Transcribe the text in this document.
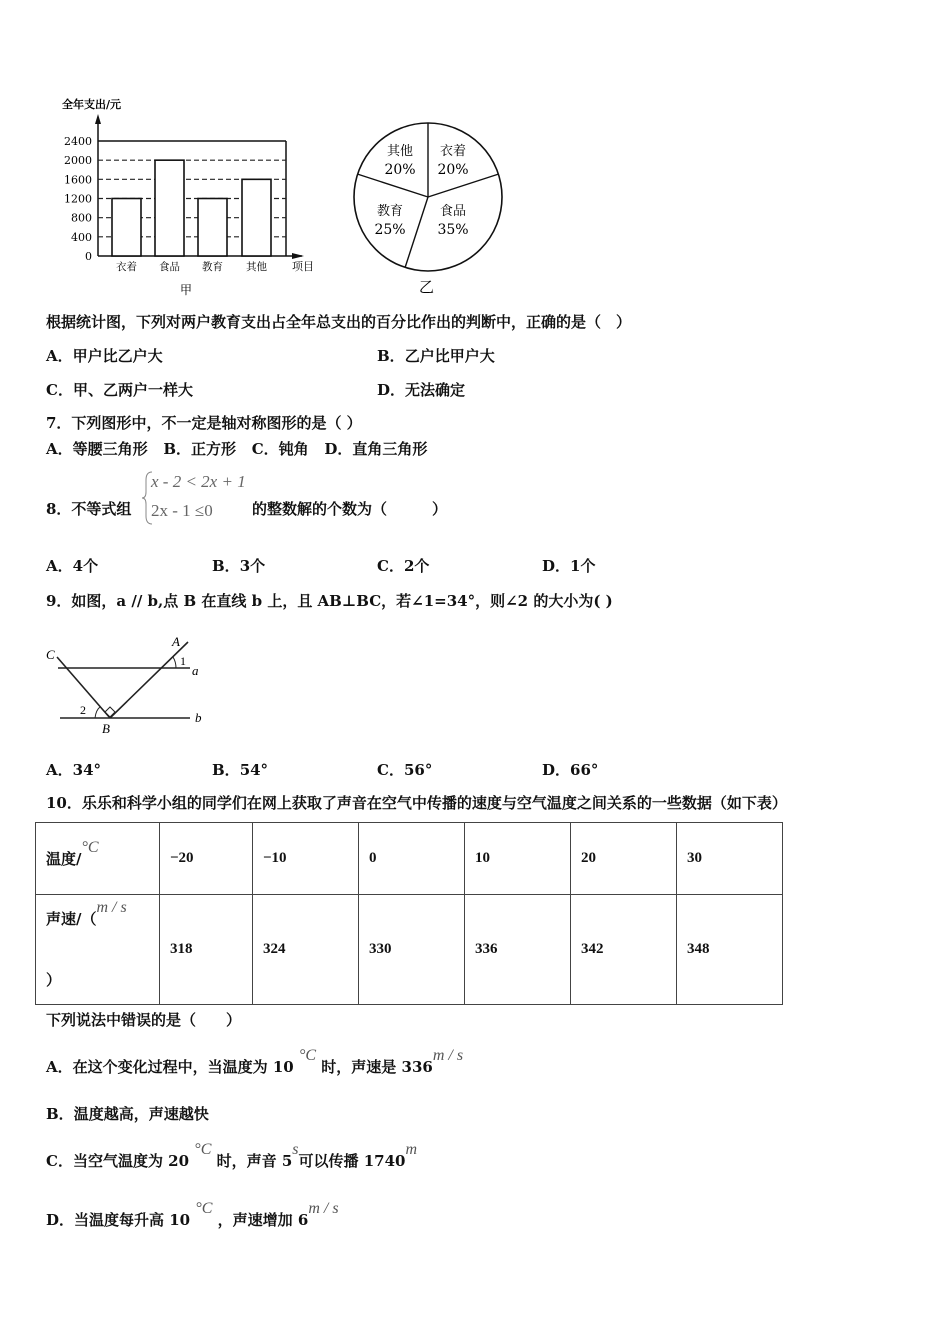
全年支出/元
0
400
800
1200
1600
2000
2400
衣着 食品 教育 其他 项目
甲
衣着
20%
食品
35%
教育
25%
其他
20%
乙
根据统计图，下列对两户教育支出占全年总支出的百分比作出的判断中，正确的是（　）
A．甲户比乙户大	B．乙户比甲户大
C．甲、乙两户一样大	D．无法确定
7．下列图形中，不一定是轴对称图形的是（ ）
A．等腰三角形 B．正方形 C．钝角 D．直角三角形
8．不等式组
x - 2 < 2x + 1
2x - 1 ≤0	的整数解的个数为（　　　）
A．4个	B．3个	C．2个	D．1个
9．如图，a // b,点 B 在直线 b 上，且 AB⊥BC，若∠1=34°，则∠2 的大小为( )
C
A
1
a
b
2
B
A．34°	B．54°	C．56°	D．66°
10．乐乐和科学小组的同学们在网上获取了声音在空气中传播的速度与空气温度之间关系的一些数据（如下表）
温度/°C	−20	−10	0	10	20	30
声速/（m / s

）	318	324	330	336	342	348
下列说法中错误的是（　　）
A．在这个变化过程中，当温度为 10 °C 时，声速是 336m / s
B．温度越高，声速越快
C．当空气温度为 20 °C 时，声音 5s可以传播 1740m
D．当温度每升高 10 °C ，声速增加 6m / s
